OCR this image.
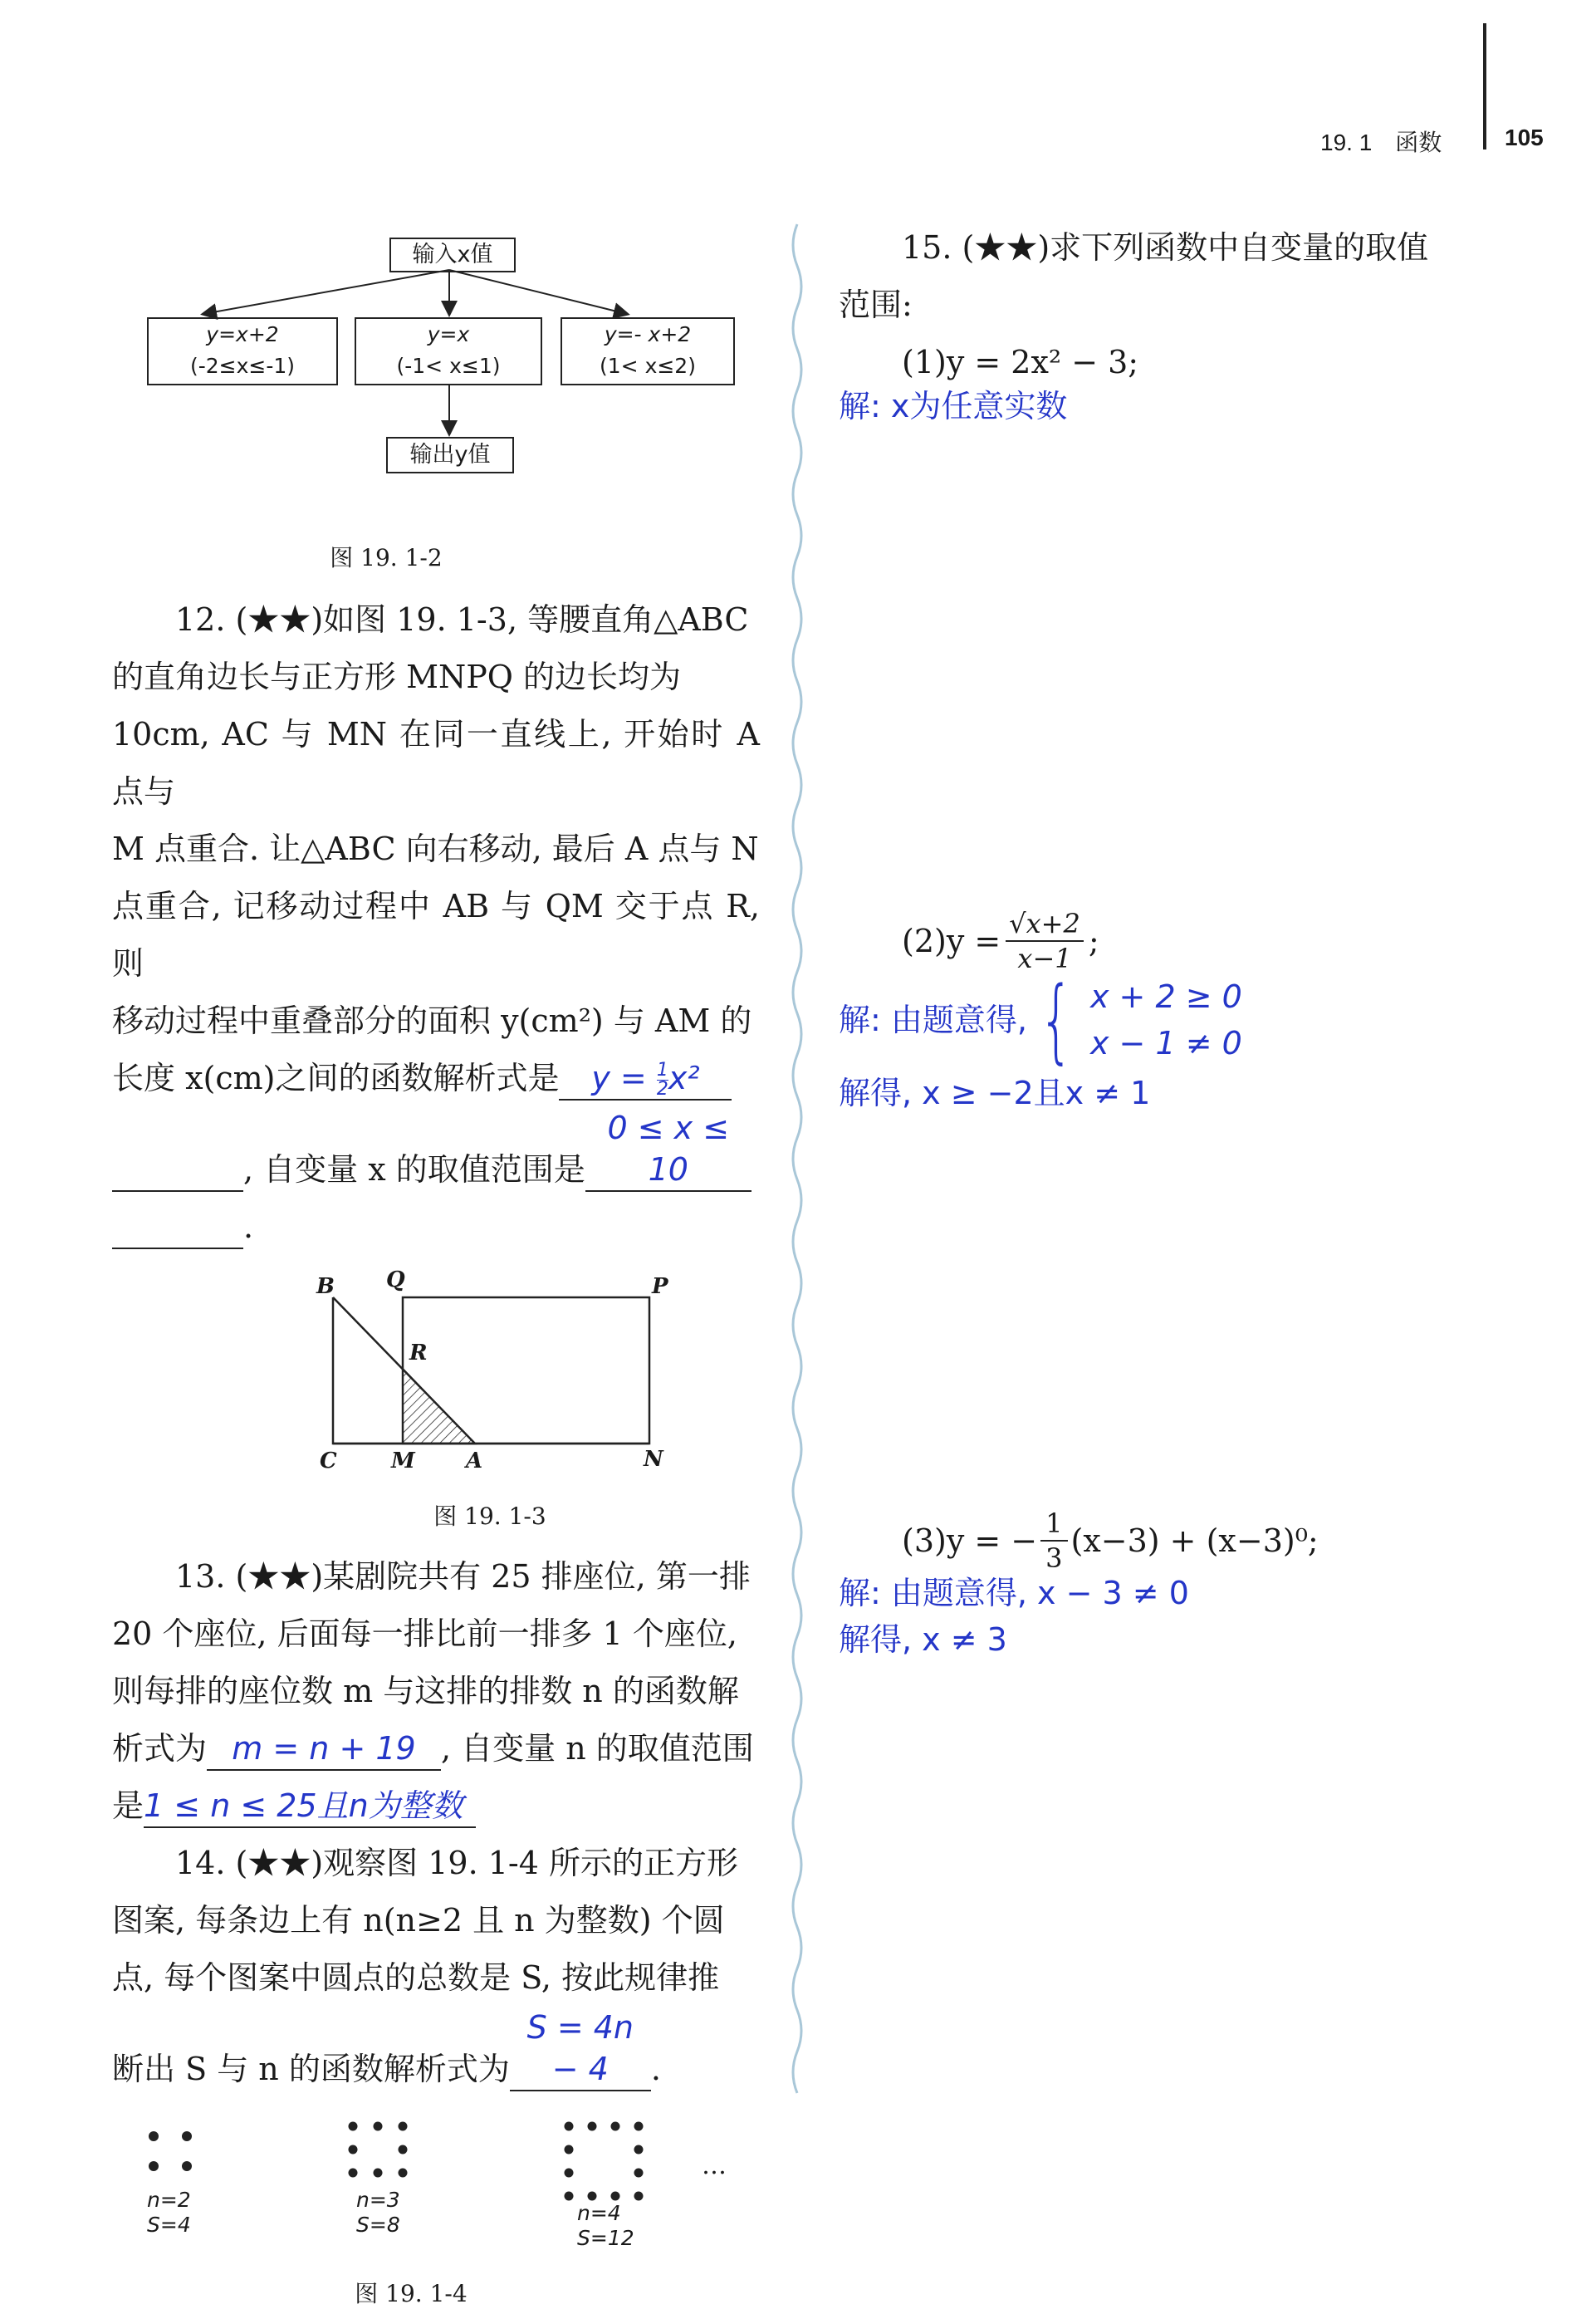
19. 1　函数	105
输入x值
y=x+2
(-2≤x≤-1)
y=x
(-1< x≤1)
y=- x+2
(1< x≤2)
输出y值
图 19. 1-2
12. (★★)如图 19. 1-3, 等腰直角△ABC
的直角边长与正方形 MNPQ 的边长均为
10cm, AC 与 MN 在同一直线上, 开始时 A 点与
M 点重合. 让△ABC 向右移动, 最后 A 点与 N
点重合, 记移动过程中 AB 与 QM 交于点 R, 则
移动过程中重叠部分的面积 y(cm²) 与 AM 的
长度 x(cm)之间的函数解析式是 $y = \frac{1}{2} x^2$
, 自变量 x 的取值范围是0 ≤ x ≤ 10
.
B Q	P
R
C	M A	N
图 19. 1-3
13. (★★)某剧院共有 25 排座位, 第一排
20 个座位, 后面每一排比前一排多 1 个座位,
则每排的座位数 m 与这排的排数 n 的函数解
析式为 m = n + 19 , 自变量 n 的取值范围
是1 ≤ n ≤ 25且n为整数
14. (★★)观察图 19. 1-4 所示的正方形
图案, 每条边上有 n(n≥2 且 n 为整数) 个圆
点, 每个图案中圆点的总数是 S, 按此规律推
断出 S 与 n 的函数解析式为S = 4n − 4 .
…
n=2
S=4
n=3
S=8	n=4
S=12
图 19. 1-4
15. (★★)求下列函数中自变量的取值
范围:
(1)y = 2x² − 3;
解: x为任意实数
$(2)y = \frac{√x+2}{x-1}$ ;
解: 由题意得, { x + 2 ≥ 0
x − 1 ≠ 0
解得, x ≥ −2且x ≠ 1
(3)y = − $\frac{1}{3} (x-3) + (x-3)^0$;
解: 由题意得, x − 3 ≠ 0
解得, x ≠ 3
